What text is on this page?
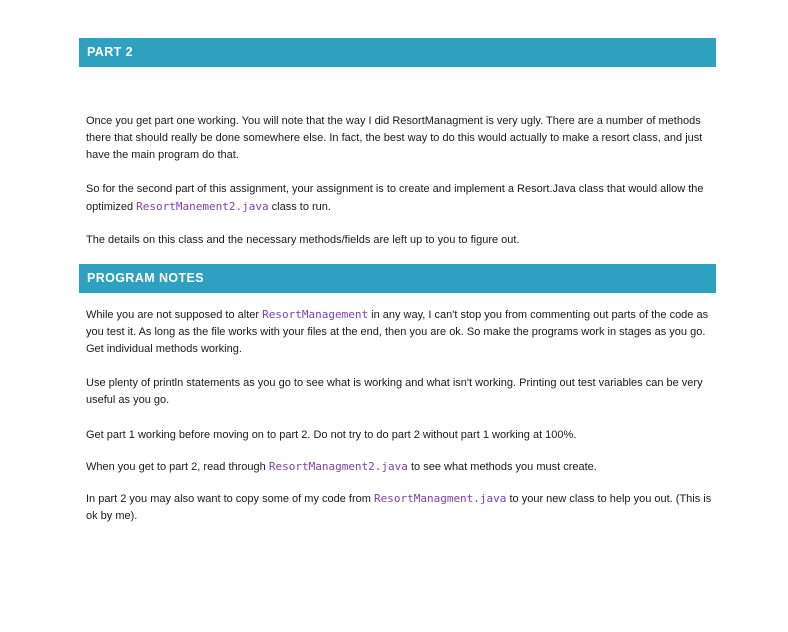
PART 2

Once you get part one working. You will note that the way I did ResortManagment is very ugly. There are a number of methods there that should really be done somewhere else. In fact, the best way to do this would actually to make a resort class, and just have the main program do that.

So for the second part of this assignment, your assignment is to create and implement a Resort.Java class that would allow the optimized ResortManement2.java class to run.

The details on this class and the necessary methods/fields are left up to you to figure out.

PROGRAM NOTES

While you are not supposed to alter ResortManagement in any way, I can't stop you from commenting out parts of the code as you test it. As long as the file works with your files at the end, then you are ok. So make the programs work in stages as you go. Get individual methods working.

Use plenty of println statements as you go to see what is working and what isn't working. Printing out test variables can be very useful as you go.

Get part 1 working before moving on to part 2. Do not try to do part 2 without part 1 working at 100%.

When you get to part 2, read through ResortManagment2.java to see what methods you must create.

In part 2 you may also want to copy some of my code from ResortManagment.java to your new class to help you out. (This is ok by me).
